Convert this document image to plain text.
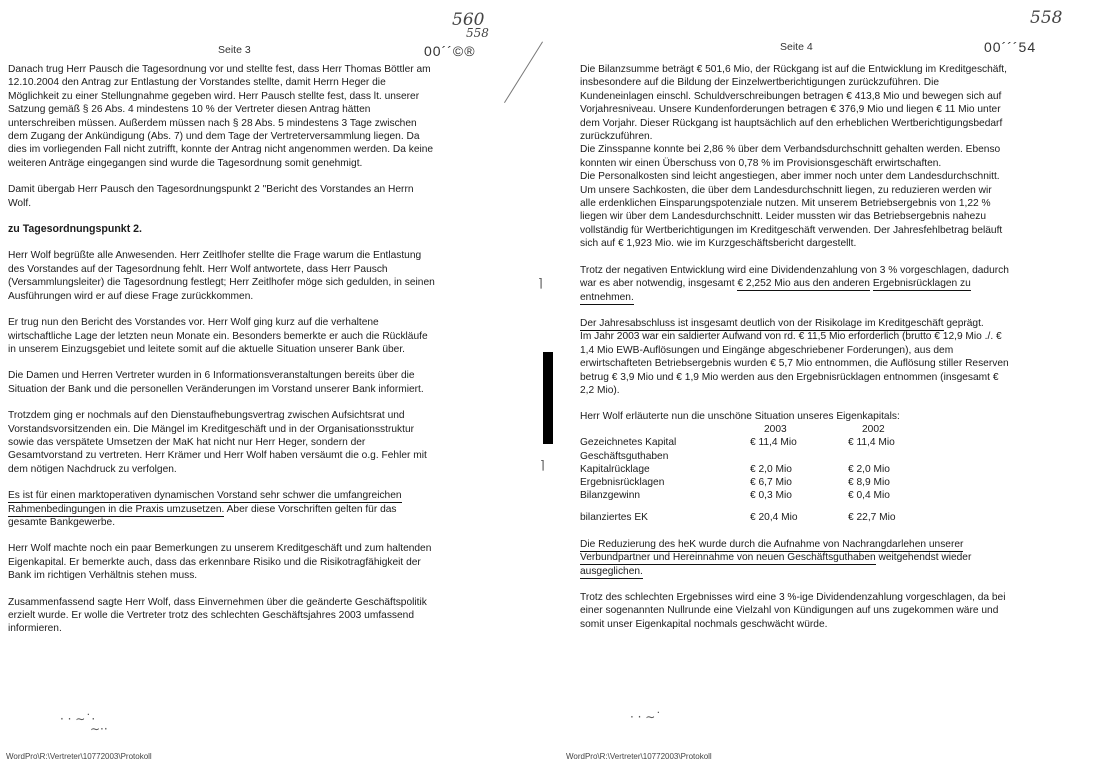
Seite 3	00´´©®
560
558

Danach trug Herr Pausch die Tagesordnung vor und stellte fest, dass Herr Thomas Böttler am 12.10.2004 den Antrag zur Entlastung der Vorstandes stellte, damit Herrn Heger die Möglichkeit zu einer Stellungnahme gegeben wird. Herr Pausch stellte fest, dass lt. unserer Satzung gemäß § 26 Abs. 4 mindestens 10 % der Vertreter diesen Antrag hätten unterschreiben müssen. Außerdem müssen nach § 28 Abs. 5 mindestens 3 Tage zwischen dem Zugang der Ankündigung (Abs. 7) und dem Tage der Vertreterversammlung liegen. Da dies im vorliegenden Fall nicht zutrifft, konnte der Antrag nicht angenommen werden. Da keine weiteren Anträge eingegangen sind wurde die Tagesordnung somit genehmigt.

Damit übergab Herr Pausch den Tagesordnungspunkt 2 "Bericht des Vorstandes an Herrn Wolf.

zu Tagesordnungspunkt 2.

Herr Wolf begrüßte alle Anwesenden. Herr Zeitlhofer stellte die Frage warum die Entlastung des Vorstandes auf der Tagesordnung fehlt. Herr Wolf antwortete, dass Herr Pausch (Versammlungsleiter) die Tagesordnung festlegt; Herr Zeitlhofer möge sich gedulden, in seinen Ausführungen wird er auf diese Frage zurückkommen.

Er trug nun den Bericht des Vorstandes vor. Herr Wolf ging kurz auf die verhaltene wirtschaftliche Lage der letzten neun Monate ein. Besonders bemerkte er auch die Rückläufe in unserem Einzugsgebiet und leitete somit auf die aktuelle Situation unserer Bank über.

Die Damen und Herren Vertreter wurden in 6 Informationsveranstaltungen bereits über die Situation der Bank und die personellen Veränderungen im Vorstand unserer Bank informiert.

Trotzdem ging er nochmals auf den Dienstaufhebungsvertrag zwischen Aufsichtsrat und Vorstandsvorsitzenden ein. Die Mängel im Kreditgeschäft und in der Organisationsstruktur sowie das verspätete Umsetzen der MaK hat nicht nur Herr Heger, sondern der Gesamtvorstand zu vertreten. Herr Krämer und Herr Wolf haben versäumt die o.g. Fehler mit dem nötigen Nachdruck zu verfolgen.

Es ist für einen marktoperativen dynamischen Vorstand sehr schwer die umfangreichen Rahmenbedingungen in die Praxis umzusetzen. Aber diese Vorschriften gelten für das gesamte Bankgewerbe.

Herr Wolf machte noch ein paar Bemerkungen zu unserem Kreditgeschäft und zum haltenden Eigenkapital. Er bemerkte auch, dass das erkennbare Risiko und die Risikotragfähigkeit der Bank im richtigen Verhältnis stehen muss.

Zusammenfassend sagte Herr Wolf, dass Einvernehmen über die geänderte Geschäftspolitik erzielt wurde. Er wolle die Vertreter trotz des schlechten Geschäftsjahres 2003 umfassend informieren.

· ⋅ ∼˙⋅
∼⋅·
WordPro\R:\Vertreter\10772003\Protokoll
Seite 4	00´´´54
558

Die Bilanzsumme beträgt € 501,6 Mio, der Rückgang ist auf die Entwicklung im Kreditgeschäft, insbesondere auf die Bildung der Einzelwertberichtigungen zurückzuführen. Die Kundeneinlagen einschl. Schuldverschreibungen betragen € 413,8 Mio und bewegen sich auf Vorjahresniveau. Unsere Kundenforderungen betragen € 376,9 Mio und liegen € 11 Mio unter dem Vorjahr. Dieser Rückgang ist hauptsächlich auf den erheblichen Wertberichtigungsbedarf zurückzuführen.

Die Zinsspanne konnte bei 2,86 % über dem Verbandsdurchschnitt gehalten werden. Ebenso konnten wir einen Überschuss von 0,78 % im Provisionsgeschäft erwirtschaften.

Die Personalkosten sind leicht angestiegen, aber immer noch unter dem Landesdurchschnitt. Um unsere Sachkosten, die über dem Landesdurchschnitt liegen, zu reduzieren werden wir alle erdenklichen Einsparungspotenziale nutzen. Mit unserem Betriebsergebnis von 1,22 % liegen wir über dem Landesdurchschnitt. Leider mussten wir das Betriebsergebnis nahezu vollständig für Wertberichtigungen im Kreditgeschäft verwenden. Der Jahresfehlbetrag beläuft sich auf € 1,923 Mio. wie im Kurzgeschäftsbericht dargestellt.

Trotz der negativen Entwicklung wird eine Dividendenzahlung von 3 % vorgeschlagen, dadurch war es aber notwendig, insgesamt € 2,252 Mio aus den anderen Ergebnisrücklagen zu entnehmen.

Der Jahresabschluss ist insgesamt deutlich von der Risikolage im Kreditgeschäft geprägt.

Im Jahr 2003 war ein saldierter Aufwand von rd. € 11,5 Mio erforderlich (brutto € 12,9 Mio ./. € 1,4 Mio EWB-Auflösungen und Eingänge abgeschriebener Forderungen), aus dem erwirtschafteten Betriebsergebnis wurden € 5,7 Mio entnommen, die Auflösung stiller Reserven betrug € 3,9 Mio und € 1,9 Mio werden aus den Ergebnisrücklagen entnommen (insgesamt € 2,2 Mio).

Herr Wolf erläuterte nun die unschöne Situation unseres Eigenkapitals:

	2003	2002
Gezeichnetes Kapital	€ 11,4 Mio	€ 11,4 Mio
Geschäftsguthaben		
Kapitalrücklage	€ 2,0 Mio	€ 2,0 Mio
Ergebnisrücklagen	€ 6,7 Mio	€ 8,9 Mio
Bilanzgewinn	€ 0,3 Mio	€ 0,4 Mio
bilanziertes EK	€ 20,4 Mio	€ 22,7 Mio

Die Reduzierung des heK wurde durch die Aufnahme von Nachrangdarlehen unserer Verbundpartner und Hereinnahme von neuen Geschäftsguthaben weitgehendst wieder ausgeglichen.

Trotz des schlechten Ergebnisses wird eine 3 %-ige Dividendenzahlung vorgeschlagen, da bei einer sogenannten Nullrunde eine Vielzahl von Kündigungen auf uns zugekommen wäre und somit unser Eigenkapital nochmals geschwächt würde.

⌉
⌉
⋅ · ∼˙
WordPro\R:\Vertreter\10772003\Protokoll
